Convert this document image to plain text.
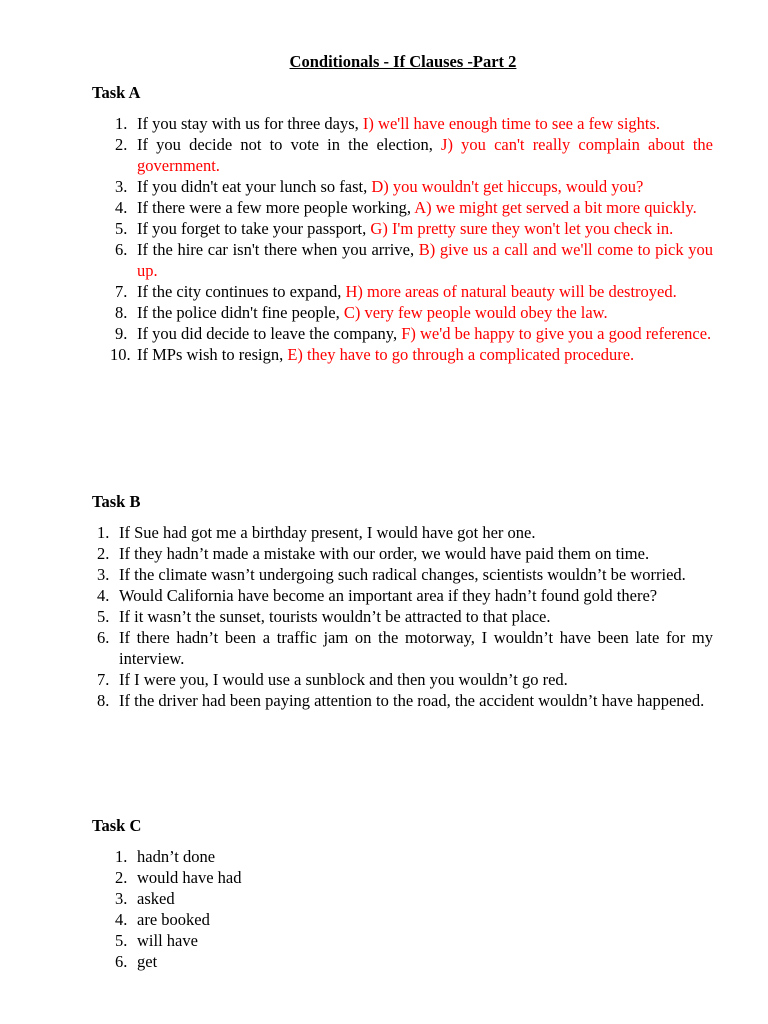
Conditionals - If Clauses -Part 2
Task A
1. If you stay with us for three days, I) we'll have enough time to see a few sights.
2. If you decide not to vote in the election, J) you can't really complain about the government.
3. If you didn't eat your lunch so fast, D) you wouldn't get hiccups, would you?
4. If there were a few more people working, A) we might get served a bit more quickly.
5. If you forget to take your passport, G) I'm pretty sure they won't let you check in.
6. If the hire car isn't there when you arrive, B) give us a call and we'll come to pick you up.
7. If the city continues to expand, H) more areas of natural beauty will be destroyed.
8. If the police didn't fine people, C) very few people would obey the law.
9. If you did decide to leave the company, F) we'd be happy to give you a good reference.
10. If MPs wish to resign, E) they have to go through a complicated procedure.
Task B
1. If Sue had got me a birthday present, I would have got her one.
2. If they hadn’t made a mistake with our order, we would have paid them on time.
3. If the climate wasn’t undergoing such radical changes, scientists wouldn’t be worried.
4. Would California have become an important area if they hadn’t found gold there?
5. If it wasn’t the sunset, tourists wouldn’t be attracted to that place.
6. If there hadn’t been a traffic jam on the motorway, I wouldn’t have been late for my interview.
7. If I were you, I would use a sunblock and then you wouldn’t go red.
8. If the driver had been paying attention to the road, the accident wouldn’t have happened.
Task C
1. hadn’t done
2. would have had
3. asked
4. are booked
5. will have
6. get
